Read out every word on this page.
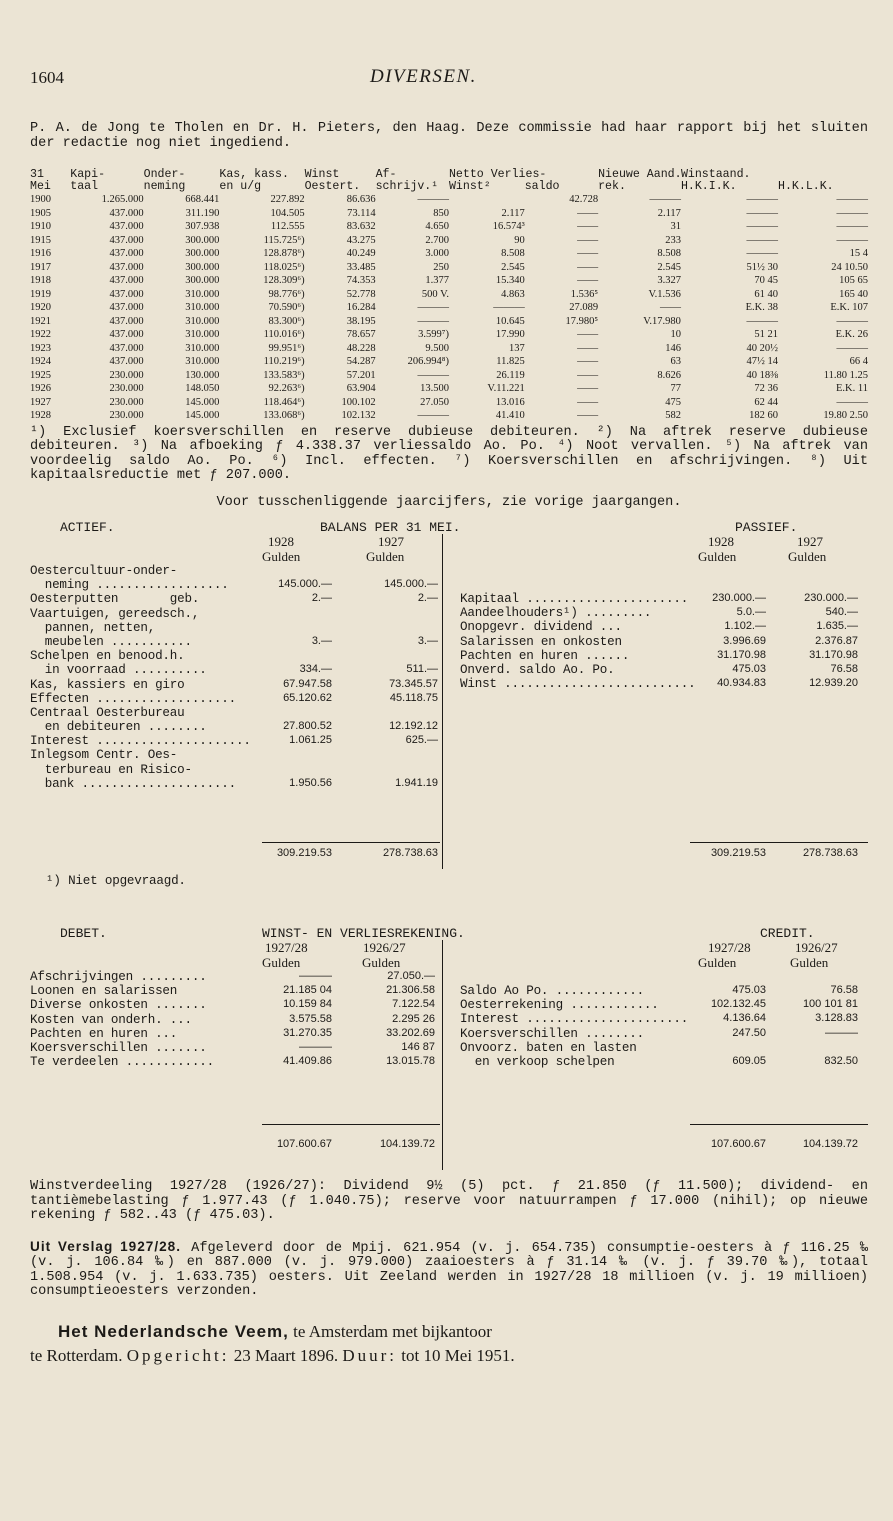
1604	DIVERSEN.
P. A. de Jong te Tholen en Dr. H. Pieters, den Haag. Deze commissie had haar rapport bij het sluiten der redactie nog niet ingediend.
31	Kapi-	Onder-	Kas, kass.	Winst	Af-	Netto Verlies-		Nieuwe Aand.	Winstaand.	
Mei	taal	neming	en u/g	Oestert.	schrijv.¹	Winst²	saldo	rek.	H.K.I.K.	H.K.L.K.
1900	1.265.000	668.441	227.892	86.636	———		42.728	———	———	———
1905	437.000	311.190	104.505	73.114	850	2.117	——	2.117	———	———
1910	437.000	307.938	112.555	83.632	4.650	16.574³	——	31	———	———
1915	437.000	300.000	115.725⁶)	43.275	2.700	90	——	233	———	———
1916	437.000	300.000	128.878⁶)	40.249	3.000	8.508	——	8.508	———	15 4
1917	437.000	300.000	118.025⁶)	33.485	250	2.545	——	2.545	51½ 30	24 10.50
1918	437.000	300.000	128.309⁶)	74.353	1.377	15.340	——	3.327	70 45	105 65
1919	437.000	310.000	98.776⁶)	52.778	500 V.	4.863	1.536⁵	V.1.536	61 40	165 40
1920	437.000	310.000	70.590⁶)	16.284	———	———	27.089	——	E.K. 38	E.K. 107
1921	437.000	310.000	83.300⁶)	38.195	———	10.645	17.980⁵	V.17.980	———	———
1922	437.000	310.000	110.016⁶)	78.657	3.599⁷)	17.990	——	10	51 21	E.K. 26
1923	437.000	310.000	99.951⁶)	48.228	9.500	137	——	146	40 20½	———
1924	437.000	310.000	110.219⁶)	54.287	206.994⁸)	11.825	——	63	47½ 14	66 4
1925	230.000	130.000	133.583⁶)	57.201	———	26.119	——	8.626	40 18⅜	11.80 1.25
1926	230.000	148.050	92.263⁶)	63.904	13.500	V.11.221	——	77	72 36	E.K. 11
1927	230.000	145.000	118.464⁶)	100.102	27.050	13.016	——	475	62 44	———
1928	230.000	145.000	133.068⁶)	102.132	———	41.410	——	582	182 60	19.80 2.50
¹) Exclusief koersverschillen en reserve dubieuse debiteuren. ²) Na aftrek reserve dubieuse debiteuren. ³) Na afboeking ƒ 4.338.37 verliessaldo Ao. Po. ⁴) Noot vervallen. ⁵) Na aftrek van voordeelig saldo Ao. Po. ⁶) Incl. effecten. ⁷) Koersverschillen en afschrijvingen. ⁸) Uit kapitaalsreductie met ƒ 207.000.
Voor tusschenliggende jaarcijfers, zie vorige jaargangen.
ACTIEF.	BALANS PER 31 MEI.	PASSIEF.
1928	1927
Gulden	Gulden
1928	1927
Gulden	Gulden
Oestercultuur-onder-
neming ..................	145.000.—	145.000.—
Oesterputten       geb.	2.—	2.—
Vaartuigen, gereedsch.,
pannen, netten,
meubelen ...........	3.—	3.—
Schelpen en benood.h.
in voorraad ..........	334.—	511.—
Kas, kassiers en giro	67.947.58	73.345.57
Effecten ...................	65.120.62	45.118.75
Centraal Oesterbureau
en debiteuren ........	27.800.52	12.192.12
Interest .....................	1.061.25	625.—
Inlegsom Centr. Oes-
terbureau en Risico-
bank .....................	1.950.56	1.941.19
Kapitaal ......................	230.000.—	230.000.—
Aandeelhouders¹) .........	5.0.—	540.—
Onopgevr. dividend ...	1.102.—	1.635.—
Salarissen en onkosten	3.996.69	2.376.87
Pachten en huren ......	31.170.98	31.170.98
Onverd. saldo Ao. Po.	475.03	76.58
Winst ..........................	40.934.83	12.939.20
309.219.53	278.738.63	309.219.53	278.738.63
¹) Niet opgevraagd.
DEBET.	WINST- EN VERLIESREKENING.	CREDIT.
1927/28	1926/27
Gulden	Gulden
1927/28	1926/27
Gulden	Gulden
Afschrijvingen .........	———	27.050.—
Loonen en salarissen	21.185 04	21.306.58
Diverse onkosten .......	10.159 84	7.122.54
Kosten van onderh. ...	3.575.58	2.295 26
Pachten en huren ...	31.270.35	33.202.69
Koersverschillen .......	———	146 87
Te verdeelen ............	41.409.86	13.015.78
Saldo Ao Po. ............	475.03	76.58
Oesterrekening ............	102.132.45	100 101 81
Interest ......................	4.136.64	3.128.83
Koersverschillen ........	247.50	———
Onvoorz. baten en lasten
en verkoop schelpen	609.05	832.50
107.600.67	104.139.72	107.600.67	104.139.72
Winstverdeeling 1927/28 (1926/27): Dividend 9½ (5) pct. ƒ 21.850 (ƒ 11.500); dividend- en tantièmebelasting ƒ 1.977.43 (ƒ 1.040.75); reserve voor natuurrampen ƒ 17.000 (nihil); op nieuwe rekening ƒ 582..43 (ƒ 475.03).
Uit Verslag 1927/28. Afgeleverd door de Mpij. 621.954 (v. j. 654.735) consumptie-oesters à ƒ 116.25 ‰ (v. j. 106.84 ‰) en 887.000 (v. j. 979.000) zaaioesters à ƒ 31.14 ‰ (v. j. ƒ 39.70 ‰), totaal 1.508.954 (v. j. 1.633.735) oesters. Uit Zeeland werden in 1927/28 18 millioen (v. j. 19 millioen) consumptieoesters verzonden.
Het Nederlandsche Veem, te Amsterdam met bijkantoor
te Rotterdam. Opgericht: 23 Maart 1896. Duur: tot 10 Mei 1951.
